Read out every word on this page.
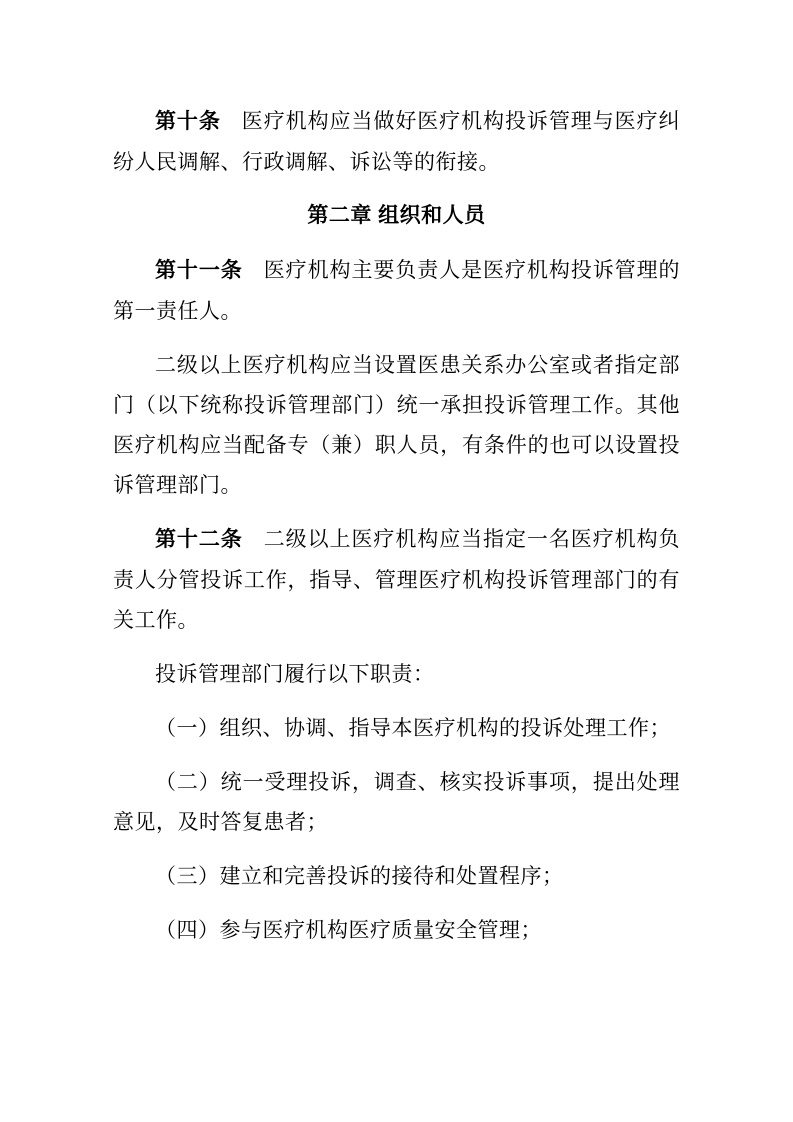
第十条 医疗机构应当做好医疗机构投诉管理与医疗纠纷人民调解、行政调解、诉讼等的衔接。

第二章 组织和人员

第十一条 医疗机构主要负责人是医疗机构投诉管理的第一责任人。

二级以上医疗机构应当设置医患关系办公室或者指定部门（以下统称投诉管理部门）统一承担投诉管理工作。其他医疗机构应当配备专（兼）职人员，有条件的也可以设置投诉管理部门。

第十二条 二级以上医疗机构应当指定一名医疗机构负责人分管投诉工作，指导、管理医疗机构投诉管理部门的有关工作。

投诉管理部门履行以下职责：

（一）组织、协调、指导本医疗机构的投诉处理工作；

（二）统一受理投诉，调查、核实投诉事项，提出处理意见，及时答复患者；

（三）建立和完善投诉的接待和处置程序；

（四）参与医疗机构医疗质量安全管理；
